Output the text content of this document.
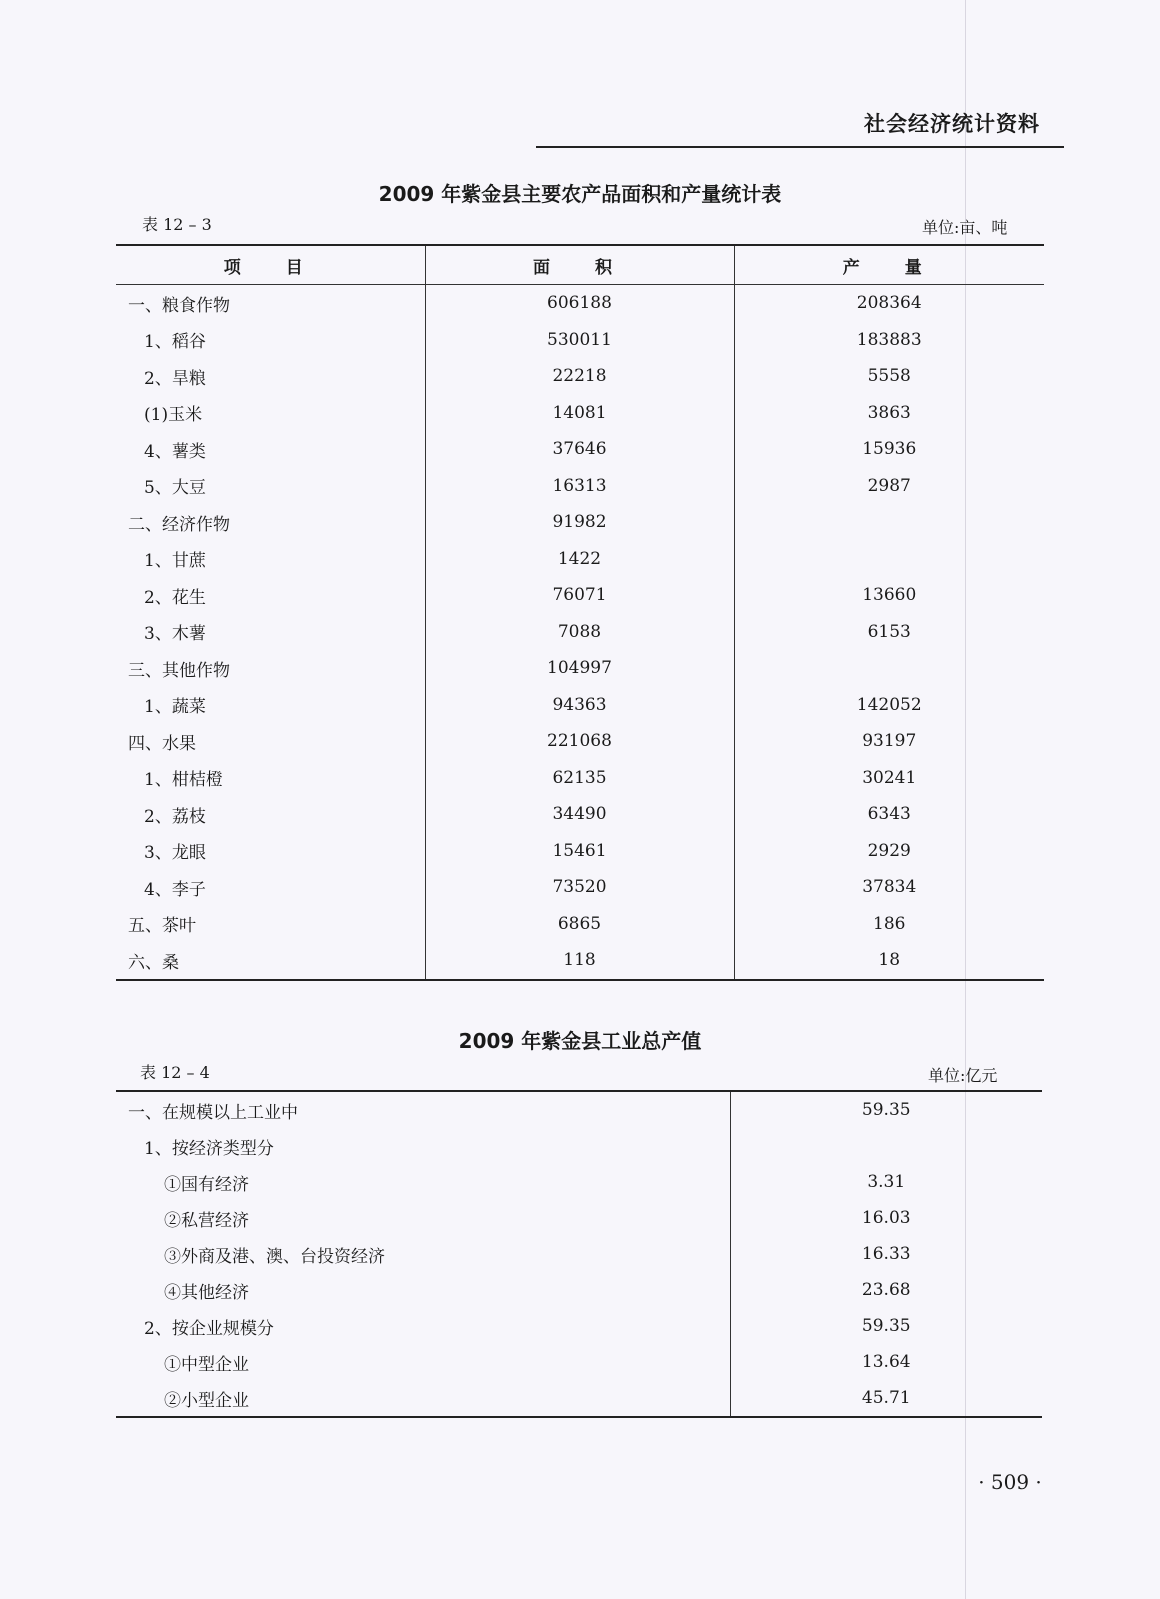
社会经济统计资料
2009 年紫金县主要农产品面积和产量统计表
表 12 – 3	单位:亩、吨
项　目	面　积	产　量
一、粮食作物	606188	208364
1、稻谷	530011	183883
2、旱粮	22218	5558
(1)玉米	14081	3863
4、薯类	37646	15936
5、大豆	16313	2987
二、经济作物	91982	
1、甘蔗	1422	
2、花生	76071	13660
3、木薯	7088	6153
三、其他作物	104997	
1、蔬菜	94363	142052
四、水果	221068	93197
1、柑桔橙	62135	30241
2、荔枝	34490	6343
3、龙眼	15461	2929
4、李子	73520	37834
五、茶叶	6865	186
六、桑	118	18
2009 年紫金县工业总产值
表 12 – 4	单位:亿元
一、在规模以上工业中	59.35
1、按经济类型分	
①国有经济	3.31
②私营经济	16.03
③外商及港、澳、台投资经济	16.33
④其他经济	23.68
2、按企业规模分	59.35
①中型企业	13.64
②小型企业	45.71
· 509 ·
